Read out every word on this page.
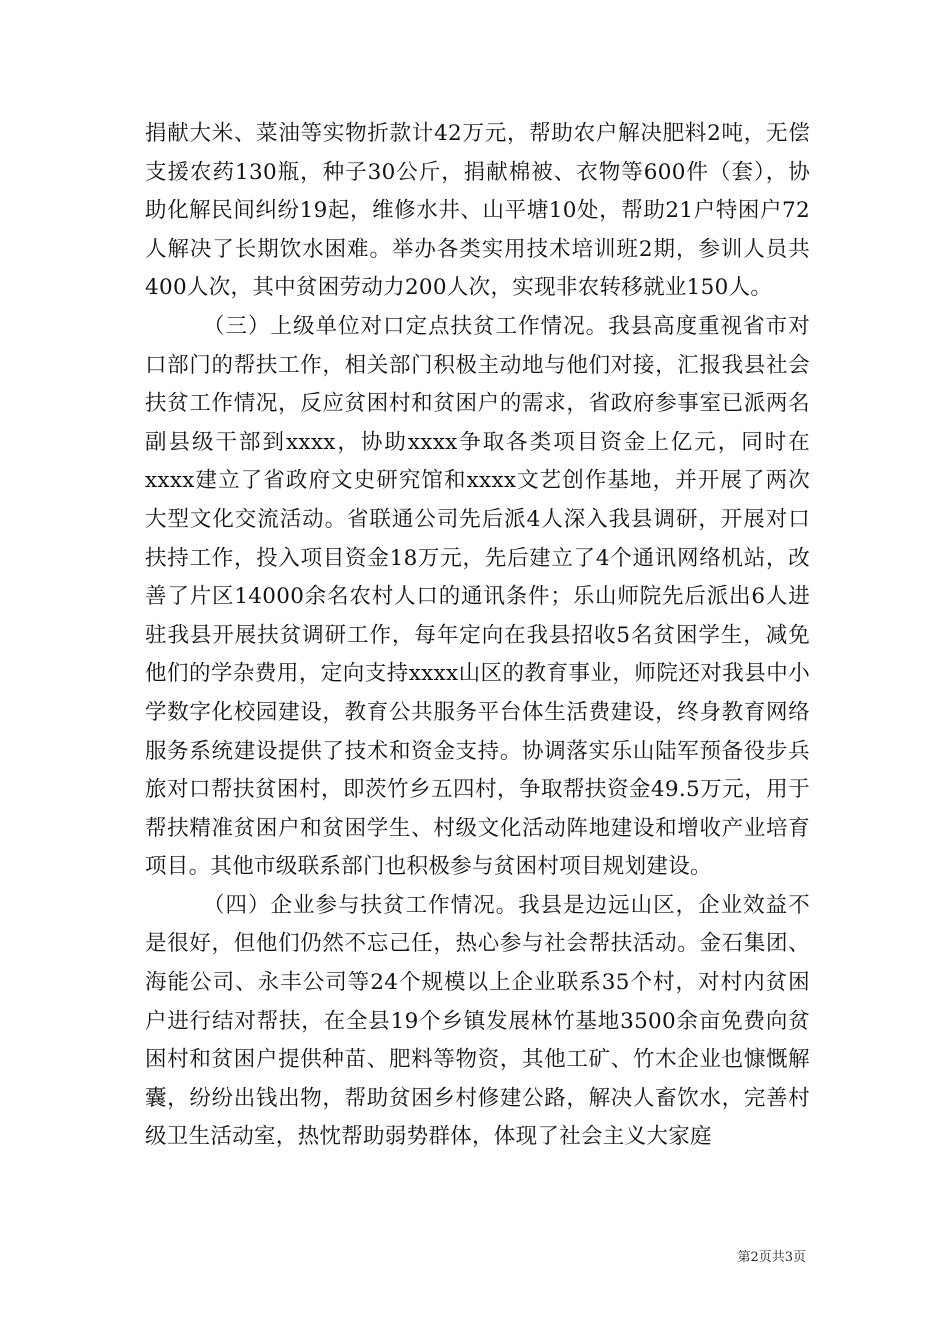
捐献大米、菜油等实物折款计42万元，帮助农户解决肥料2吨，无偿支援农药130瓶，种子30公斤，捐献棉被、衣物等600件（套），协助化解民间纠纷19起，维修水井、山平塘10处，帮助21户特困户72人解决了长期饮水困难。举办各类实用技术培训班2期，参训人员共400人次，其中贫困劳动力200人次，实现非农转移就业150人。

（三）上级单位对口定点扶贫工作情况。我县高度重视省市对口部门的帮扶工作，相关部门积极主动地与他们对接，汇报我县社会扶贫工作情况，反应贫困村和贫困户的需求，省政府参事室已派两名副县级干部到xxxx，协助xxxx争取各类项目资金上亿元，同时在xxxx建立了省政府文史研究馆和xxxx文艺创作基地，并开展了两次大型文化交流活动。省联通公司先后派4人深入我县调研，开展对口扶持工作，投入项目资金18万元，先后建立了4个通讯网络机站，改善了片区14000余名农村人口的通讯条件；乐山师院先后派出6人进驻我县开展扶贫调研工作，每年定向在我县招收5名贫困学生，减免他们的学杂费用，定向支持xxxx山区的教育事业，师院还对我县中小学数字化校园建设，教育公共服务平台体生活费建设，终身教育网络服务系统建设提供了技术和资金支持。协调落实乐山陆军预备役步兵旅对口帮扶贫困村，即茨竹乡五四村，争取帮扶资金49.5万元，用于帮扶精准贫困户和贫困学生、村级文化活动阵地建设和增收产业培育项目。其他市级联系部门也积极参与贫困村项目规划建设。

（四）企业参与扶贫工作情况。我县是边远山区，企业效益不是很好，但他们仍然不忘己任，热心参与社会帮扶活动。金石集团、海能公司、永丰公司等24个规模以上企业联系35个村，对村内贫困户进行结对帮扶，在全县19个乡镇发展林竹基地3500余亩免费向贫困村和贫困户提供种苗、肥料等物资，其他工矿、竹木企业也慷慨解囊，纷纷出钱出物，帮助贫困乡村修建公路，解决人畜饮水，完善村级卫生活动室，热忱帮助弱势群体，体现了社会主义大家庭

第2页共3页
